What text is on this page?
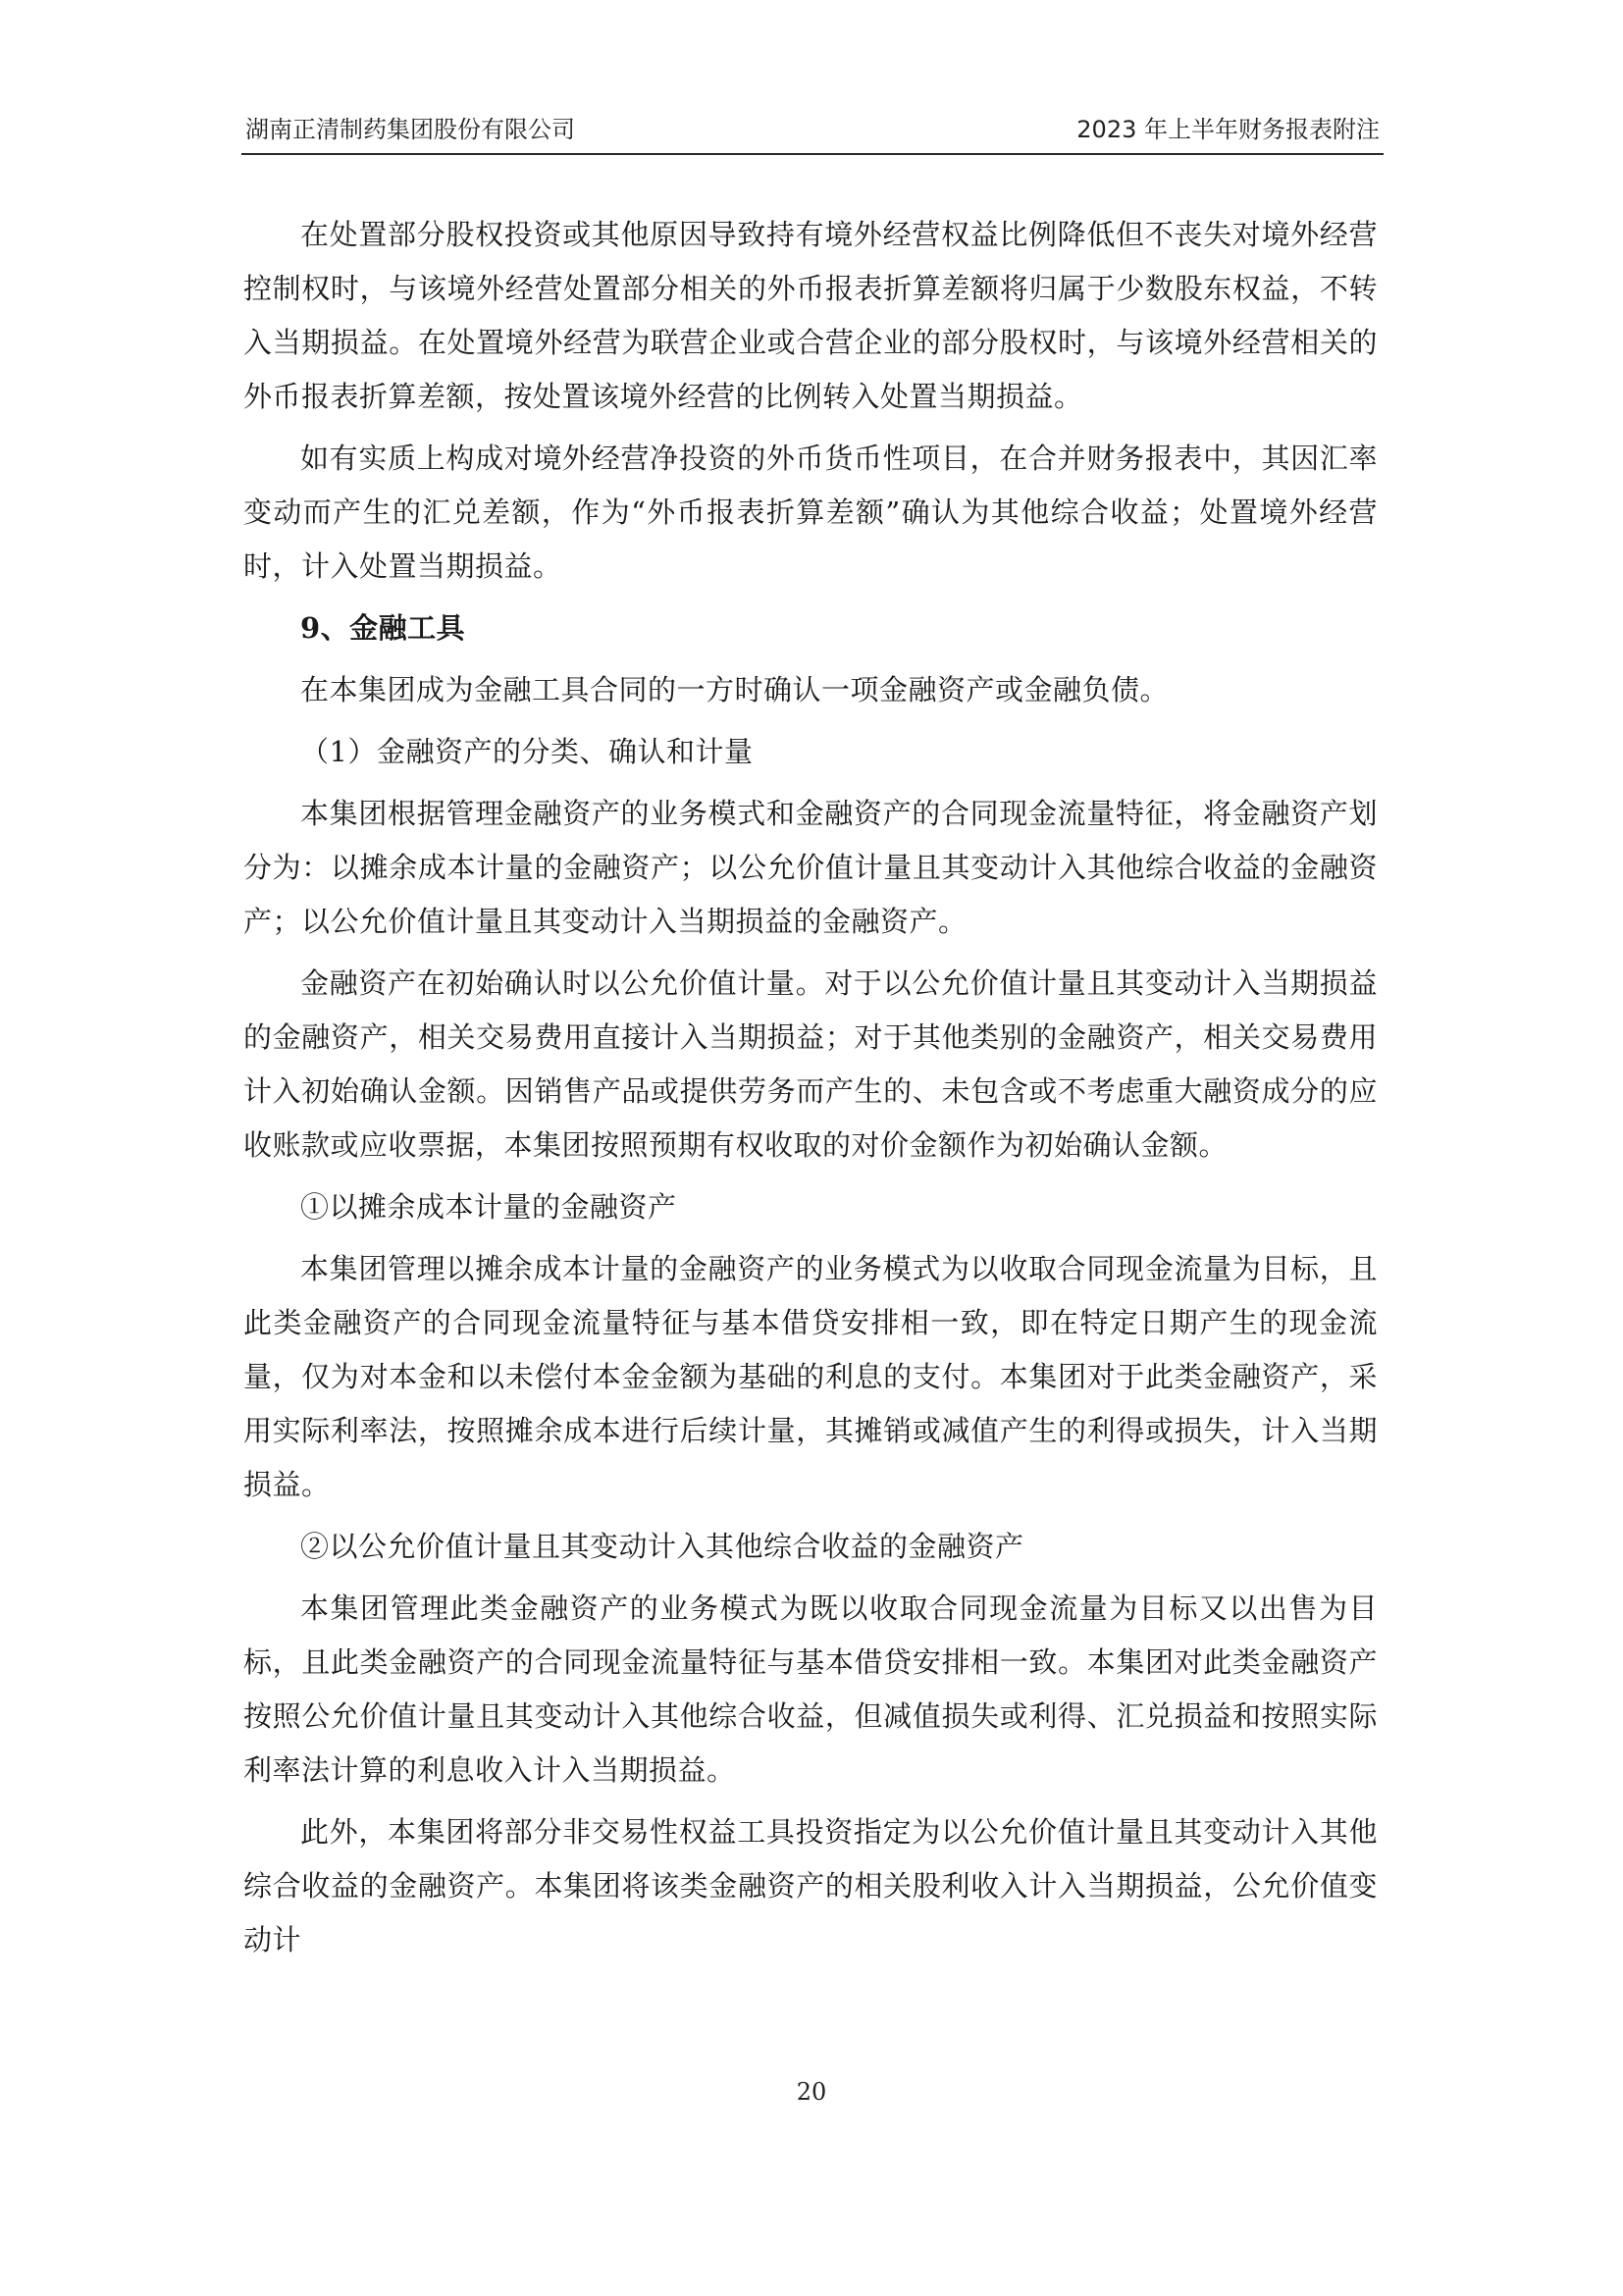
湖南正清制药集团股份有限公司	2023 年上半年财务报表附注

在处置部分股权投资或其他原因导致持有境外经营权益比例降低但不丧失对境外经营控制权时，与该境外经营处置部分相关的外币报表折算差额将归属于少数股东权益，不转入当期损益。在处置境外经营为联营企业或合营企业的部分股权时，与该境外经营相关的外币报表折算差额，按处置该境外经营的比例转入处置当期损益。

如有实质上构成对境外经营净投资的外币货币性项目，在合并财务报表中，其因汇率变动而产生的汇兑差额，作为“外币报表折算差额”确认为其他综合收益；处置境外经营时，计入处置当期损益。

9、金融工具

在本集团成为金融工具合同的一方时确认一项金融资产或金融负债。

（1）金融资产的分类、确认和计量

本集团根据管理金融资产的业务模式和金融资产的合同现金流量特征，将金融资产划分为：以摊余成本计量的金融资产；以公允价值计量且其变动计入其他综合收益的金融资产；以公允价值计量且其变动计入当期损益的金融资产。

金融资产在初始确认时以公允价值计量。对于以公允价值计量且其变动计入当期损益的金融资产，相关交易费用直接计入当期损益；对于其他类别的金融资产，相关交易费用计入初始确认金额。因销售产品或提供劳务而产生的、未包含或不考虑重大融资成分的应收账款或应收票据，本集团按照预期有权收取的对价金额作为初始确认金额。

①以摊余成本计量的金融资产

本集团管理以摊余成本计量的金融资产的业务模式为以收取合同现金流量为目标，且此类金融资产的合同现金流量特征与基本借贷安排相一致，即在特定日期产生的现金流量，仅为对本金和以未偿付本金金额为基础的利息的支付。本集团对于此类金融资产，采用实际利率法，按照摊余成本进行后续计量，其摊销或减值产生的利得或损失，计入当期损益。

②以公允价值计量且其变动计入其他综合收益的金融资产

本集团管理此类金融资产的业务模式为既以收取合同现金流量为目标又以出售为目标，且此类金融资产的合同现金流量特征与基本借贷安排相一致。本集团对此类金融资产按照公允价值计量且其变动计入其他综合收益，但减值损失或利得、汇兑损益和按照实际利率法计算的利息收入计入当期损益。

此外，本集团将部分非交易性权益工具投资指定为以公允价值计量且其变动计入其他综合收益的金融资产。本集团将该类金融资产的相关股利收入计入当期损益，公允价值变动计

20
